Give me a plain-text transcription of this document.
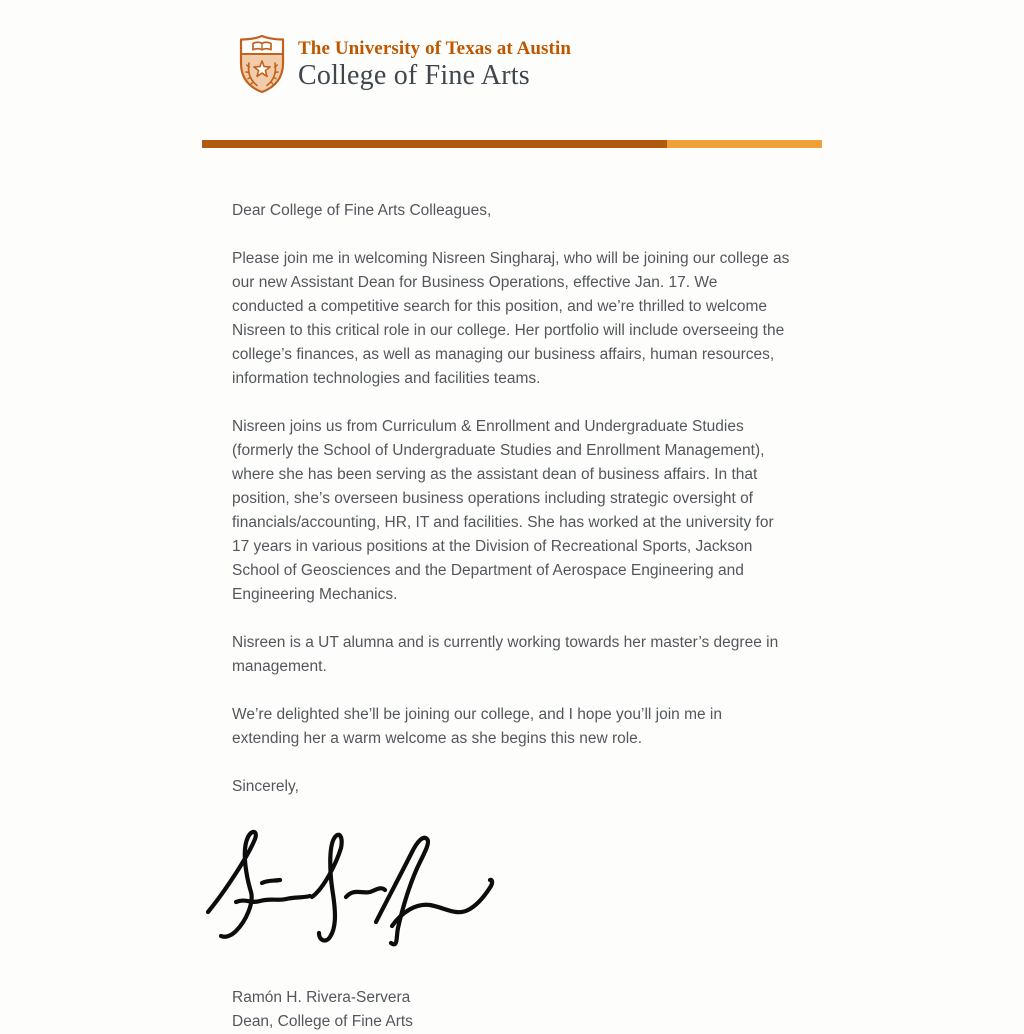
The University of Texas at Austin
College of Fine Arts

Dear College of Fine Arts Colleagues,

Please join me in welcoming Nisreen Singharaj, who will be joining our college as our new Assistant Dean for Business Operations, effective Jan. 17. We conducted a competitive search for this position, and we’re thrilled to welcome Nisreen to this critical role in our college. Her portfolio will include overseeing the college’s finances, as well as managing our business affairs, human resources, information technologies and facilities teams.

Nisreen joins us from Curriculum & Enrollment and Undergraduate Studies (formerly the School of Undergraduate Studies and Enrollment Management), where she has been serving as the assistant dean of business affairs. In that position, she’s overseen business operations including strategic oversight of financials/accounting, HR, IT and facilities. She has worked at the university for 17 years in various positions at the Division of Recreational Sports, Jackson School of Geosciences and the Department of Aerospace Engineering and Engineering Mechanics.

Nisreen is a UT alumna and is currently working towards her master’s degree in management.

We’re delighted she’ll be joining our college, and I hope you’ll join me in extending her a warm welcome as she begins this new role.

Sincerely,

Ramón H. Rivera-Servera
Dean, College of Fine Arts
